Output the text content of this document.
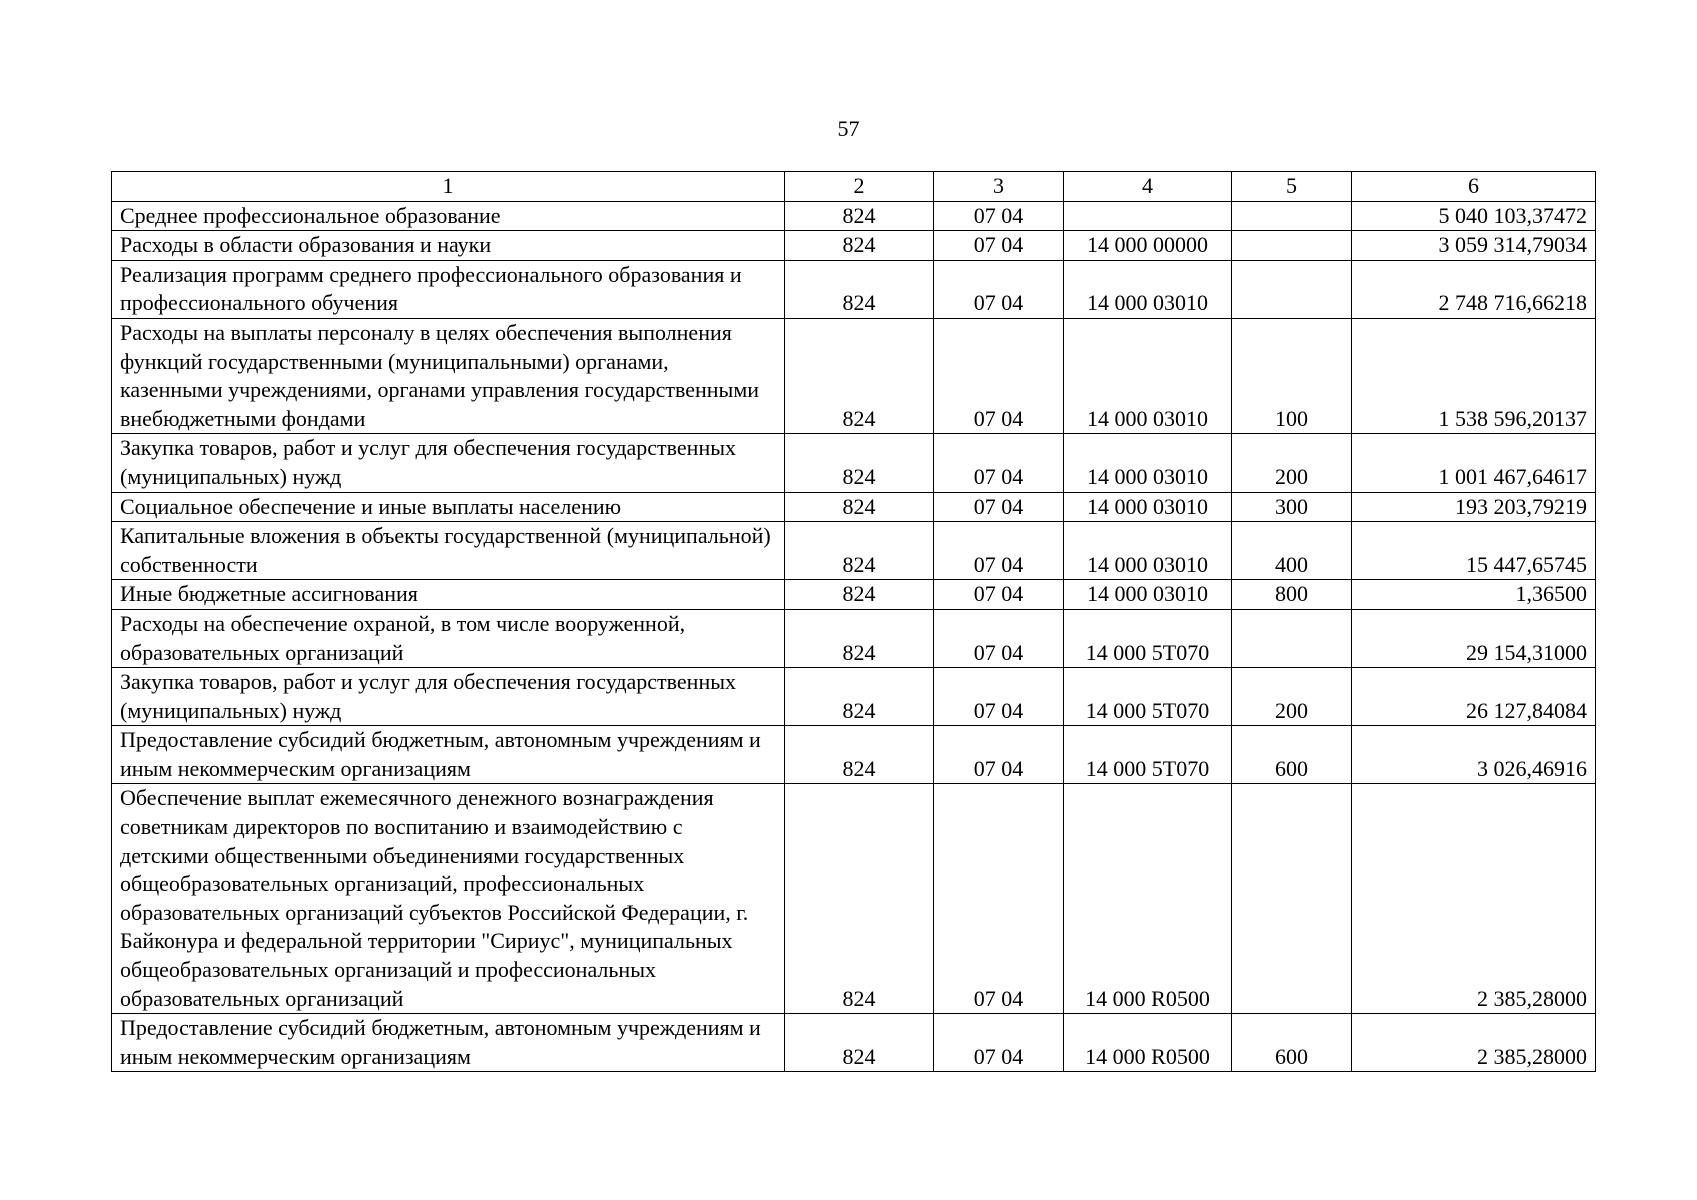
57
1	2	3	4	5	6
Среднее профессиональное образование	824	07 04			5 040 103,37472
Расходы в области образования и науки	824	07 04	14 000 00000		3 059 314,79034
Реализация программ среднего профессионального образования и профессионального обучения	824	07 04	14 000 03010		2 748 716,66218
Расходы на выплаты персоналу в целях обеспечения выполнения функций государственными (муниципальными) органами, казенными учреждениями, органами управления государственными внебюджетными фондами	824	07 04	14 000 03010	100	1 538 596,20137
Закупка товаров, работ и услуг для обеспечения государственных (муниципальных) нужд	824	07 04	14 000 03010	200	1 001 467,64617
Социальное обеспечение и иные выплаты населению	824	07 04	14 000 03010	300	193 203,79219
Капитальные вложения в объекты государственной (муниципальной) собственности	824	07 04	14 000 03010	400	15 447,65745
Иные бюджетные ассигнования	824	07 04	14 000 03010	800	1,36500
Расходы на обеспечение охраной, в том числе вооруженной, образовательных организаций	824	07 04	14 000 5Т070		29 154,31000
Закупка товаров, работ и услуг для обеспечения государственных (муниципальных) нужд	824	07 04	14 000 5Т070	200	26 127,84084
Предоставление субсидий бюджетным, автономным учреждениям и иным некоммерческим организациям	824	07 04	14 000 5Т070	600	3 026,46916
Обеспечение выплат ежемесячного денежного вознаграждения советникам директоров по воспитанию и взаимодействию с детскими общественными объединениями государственных общеобразовательных организаций, профессиональных образовательных организаций субъектов Российской Федерации, г. Байконура и федеральной территории "Сириус", муниципальных общеобразовательных организаций и профессиональных образовательных организаций	824	07 04	14 000 R0500		2 385,28000
Предоставление субсидий бюджетным, автономным учреждениям и иным некоммерческим организациям	824	07 04	14 000 R0500	600	2 385,28000
